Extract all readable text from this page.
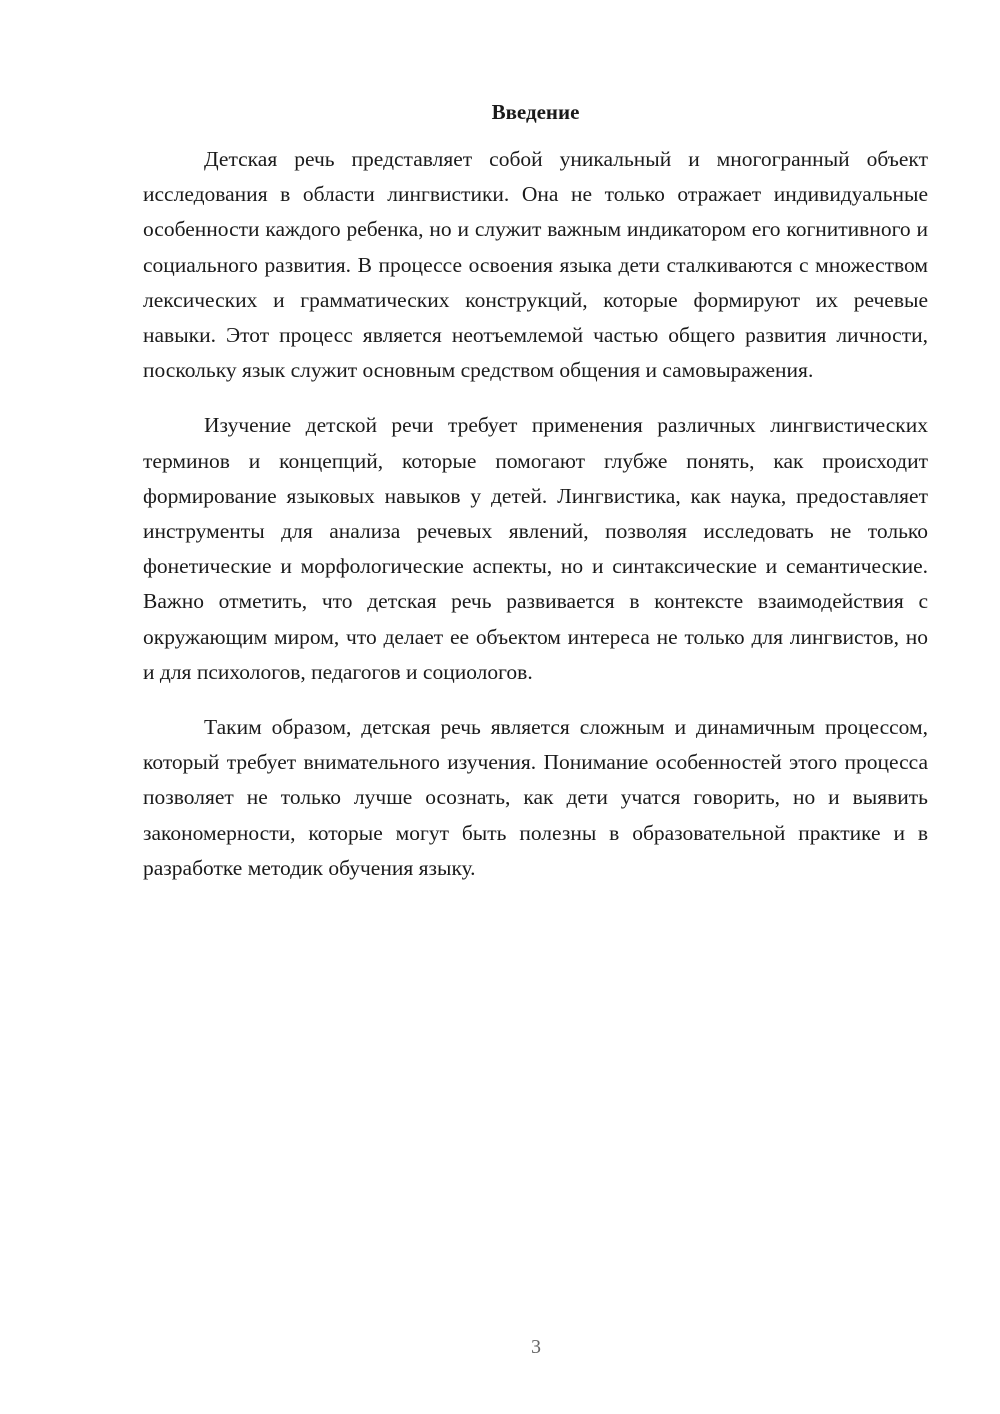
Введение

Детская речь представляет собой уникальный и многогранный объект исследования в области лингвистики. Она не только отражает индивидуальные особенности каждого ребенка, но и служит важным индикатором его когнитивного и социального развития. В процессе освоения языка дети сталкиваются с множеством лексических и грамматических конструкций, которые формируют их речевые навыки. Этот процесс является неотъемлемой частью общего развития личности, поскольку язык служит основным средством общения и самовыражения.

Изучение детской речи требует применения различных лингвистических терминов и концепций, которые помогают глубже понять, как происходит формирование языковых навыков у детей. Лингвистика, как наука, предоставляет инструменты для анализа речевых явлений, позволяя исследовать не только фонетические и морфологические аспекты, но и синтаксические и семантические. Важно отметить, что детская речь развивается в контексте взаимодействия с окружающим миром, что делает ее объектом интереса не только для лингвистов, но и для психологов, педагогов и социологов.

Таким образом, детская речь является сложным и динамичным процессом, который требует внимательного изучения. Понимание особенностей этого процесса позволяет не только лучше осознать, как дети учатся говорить, но и выявить закономерности, которые могут быть полезны в образовательной практике и в разработке методик обучения языку.

3
